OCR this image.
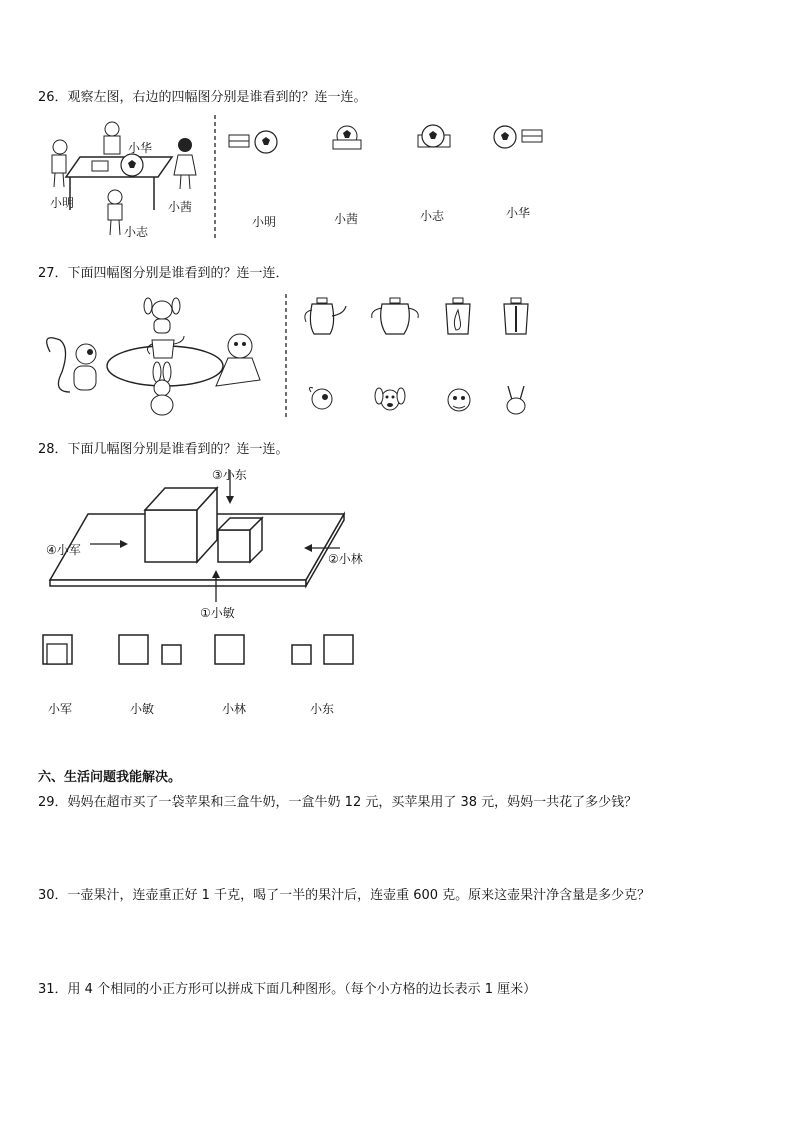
26．观察左图，右边的四幅图分别是谁看到的？连一连。
小华
小明	小茜
小志
小明	小茜	小志	小华
27．下面四幅图分别是谁看到的？连一连．
28．下面几幅图分别是谁看到的？连一连。
③小东
④小军
②小林
①小敏
小军	小敏	小林	小东
六、生活问题我能解决。
29．妈妈在超市买了一袋苹果和三盒牛奶，一盒牛奶 12 元，买苹果用了 38 元，妈妈一共花了多少钱？
30．一壶果汁，连壶重正好 1 千克，喝了一半的果汁后，连壶重 600 克。原来这壶果汁净含量是多少克？
31．用 4 个相同的小正方形可以拼成下面几种图形。（每个小方格的边长表示 1 厘米）
